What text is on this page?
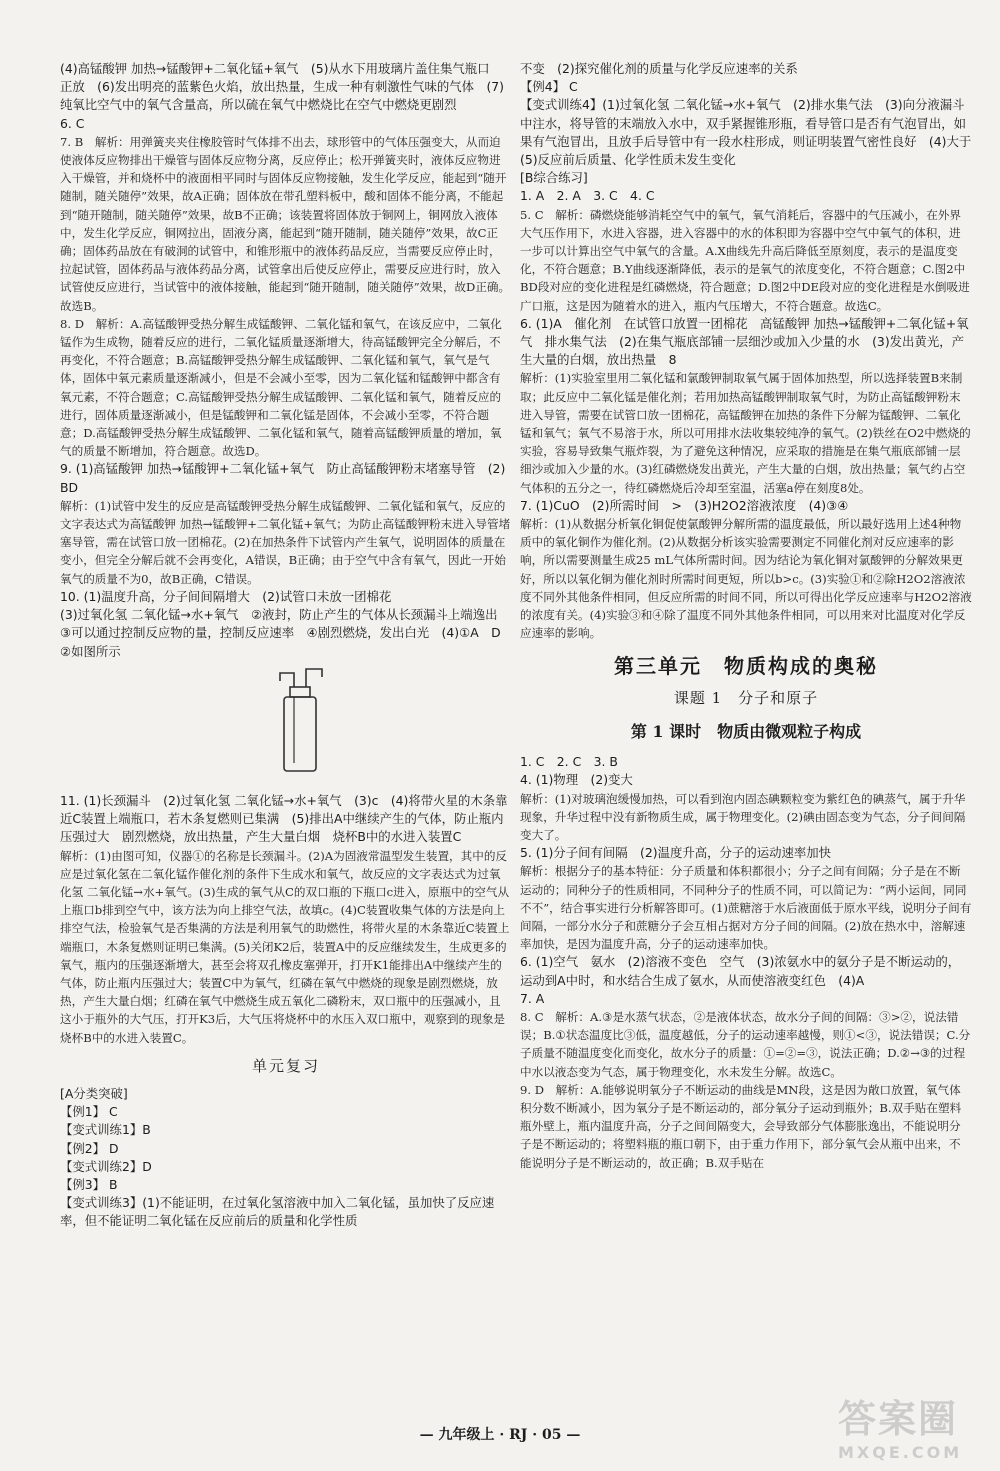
(4)高锰酸钾 加热→锰酸钾+二氧化锰+氧气　(5)从水下用玻璃片盖住集气瓶口　正放　(6)发出明亮的蓝紫色火焰，放出热量，生成一种有刺激性气味的气体　(7)纯氧比空气中的氧气含量高，所以硫在氧气中燃烧比在空气中燃烧更剧烈

6. C

7. B　解析：用弹簧夹夹住橡胶管时气体排不出去，球形管中的气体压强变大，从而迫使液体反应物排出干燥管与固体反应物分离，反应停止；松开弹簧夹时，液体反应物进入干燥管，并和烧杯中的液面相平同时与固体反应物接触，发生化学反应，能起到“随开随制，随关随停”效果，故A正确；固体放在带孔塑料板中，酸和固体不能分离，不能起到“随开随制，随关随停”效果，故B不正确；该装置将固体放于铜网上，铜网放入液体中，发生化学反应，铜网拉出，固液分离，能起到“随开随制，随关随停”效果，故C正确；固体药品放在有破洞的试管中，和锥形瓶中的液体药品反应，当需要反应停止时，拉起试管，固体药品与液体药品分离，试管拿出后使反应停止，需要反应进行时，放入试管使反应进行，当试管中的液体接触，能起到“随开随制，随关随停”效果，故D正确。故选B。

8. D　解析：A.高锰酸钾受热分解生成锰酸钾、二氧化锰和氧气，在该反应中，二氧化锰作为生成物，随着反应的进行，二氧化锰质量逐渐增大，待高锰酸钾完全分解后，不再变化，不符合题意；B.高锰酸钾受热分解生成锰酸钾、二氧化锰和氧气，氧气是气体，固体中氧元素质量逐渐减小，但是不会减小至零，因为二氧化锰和锰酸钾中都含有氧元素，不符合题意；C.高锰酸钾受热分解生成锰酸钾、二氧化锰和氧气，随着反应的进行，固体质量逐渐减小，但是锰酸钾和二氧化锰是固体，不会减小至零，不符合题意；D.高锰酸钾受热分解生成锰酸钾、二氧化锰和氧气，随着高锰酸钾质量的增加，氧气的质量不断增加，符合题意。故选D。

9. (1)高锰酸钾 加热→锰酸钾+二氧化锰+氧气　防止高锰酸钾粉末堵塞导管　(2)BD

解析：(1)试管中发生的反应是高锰酸钾受热分解生成锰酸钾、二氧化锰和氧气，反应的文字表达式为高锰酸钾 加热→锰酸钾+二氧化锰+氧气；为防止高锰酸钾粉末进入导管堵塞导管，需在试管口放一团棉花。(2)在加热条件下试管内产生氧气，说明固体的质量在变小，但完全分解后就不会再变化，A错误，B正确；由于空气中含有氧气，因此一开始氧气的质量不为0，故B正确，C错误。

10. (1)温度升高，分子间间隔增大　(2)试管口未放一团棉花

(3)过氧化氢 二氧化锰→水+氧气　②液封，防止产生的气体从长颈漏斗上端逸出　③可以通过控制反应物的量，控制反应速率　④剧烈燃烧，发出白光　(4)①A　D　②如图所示

11. (1)长颈漏斗　(2)过氧化氢 二氧化锰→水+氧气　(3)c　(4)将带火星的木条靠近C装置上端瓶口，若木条复燃则已集满　(5)排出A中继续产生的气体，防止瓶内压强过大　剧烈燃烧，放出热量，产生大量白烟　烧杯B中的水进入装置C

解析：(1)由图可知，仪器①的名称是长颈漏斗。(2)A为固液常温型发生装置，其中的反应是过氧化氢在二氧化锰作催化剂的条件下生成水和氧气，故反应的文字表达式为过氧化氢 二氧化锰→水+氧气。(3)生成的氧气从C的双口瓶的下瓶口c进入，原瓶中的空气从上瓶口b排到空气中，该方法为向上排空气法，故填c。(4)C装置收集气体的方法是向上排空气法，检验氧气是否集满的方法是利用氧气的助燃性，将带火星的木条靠近C装置上端瓶口，木条复燃则证明已集满。(5)关闭K2后，装置A中的反应继续发生，生成更多的氧气，瓶内的压强逐渐增大，甚至会将双孔橡皮塞弹开，打开K1能排出A中继续产生的气体，防止瓶内压强过大；装置C中为氧气，红磷在氧气中燃烧的现象是剧烈燃烧，放热，产生大量白烟；红磷在氧气中燃烧生成五氧化二磷粉末，双口瓶中的压强减小，且这小于瓶外的大气压，打开K3后，大气压将烧杯中的水压入双口瓶中，观察到的现象是烧杯B中的水进入装置C。

单元复习

[A分类突破]

【例1】 C

【变式训练1】B

【例2】 D

【变式训练2】D

【例3】 B

【变式训练3】(1)不能证明，在过氧化氢溶液中加入二氧化锰，虽加快了反应速率，但不能证明二氧化锰在反应前后的质量和化学性质

不变　(2)探究催化剂的质量与化学反应速率的关系

【例4】 C

【变式训练4】(1)过氧化氢 二氧化锰→水+氧气　(2)排水集气法　(3)向分液漏斗中注水，将导管的末端放入水中，双手紧握锥形瓶，看导管口是否有气泡冒出，如果有气泡冒出，且放手后导管中有一段水柱形成，则证明装置气密性良好　(4)大于　(5)反应前后质量、化学性质未发生变化

[B综合练习]

1. A　2. A　3. C　4. C

5. C　解析：磷燃烧能够消耗空气中的氧气，氧气消耗后，容器中的气压减小，在外界大气压作用下，水进入容器，进入容器中的水的体积即为容器中空气中氧气的体积，进一步可以计算出空气中氧气的含量。A.X曲线先升高后降低至原刻度，表示的是温度变化，不符合题意；B.Y曲线逐渐降低，表示的是氧气的浓度变化，不符合题意；C.图2中BD段对应的变化进程是红磷燃烧，符合题意；D.图2中DE段对应的变化进程是水倒吸进广口瓶，这是因为随着水的进入，瓶内气压增大，不符合题意。故选C。

6. (1)A　催化剂　在试管口放置一团棉花　高锰酸钾 加热→锰酸钾+二氧化锰+氧气　排水集气法　(2)在集气瓶底部铺一层细沙或加入少量的水　(3)发出黄光，产生大量的白烟，放出热量　8

解析：(1)实验室里用二氧化锰和氯酸钾制取氧气属于固体加热型，所以选择装置B来制取；此反应中二氧化锰是催化剂；若用加热高锰酸钾制取氧气时，为防止高锰酸钾粉末进入导管，需要在试管口放一团棉花，高锰酸钾在加热的条件下分解为锰酸钾、二氧化锰和氧气；氧气不易溶于水，所以可用排水法收集较纯净的氧气。(2)铁丝在O2中燃烧的实验，容易导致集气瓶炸裂，为了避免这种情况，应采取的措施是在集气瓶底部铺一层细沙或加入少量的水。(3)红磷燃烧发出黄光，产生大量的白烟，放出热量；氧气约占空气体积的五分之一，待红磷燃烧后冷却至室温，活塞a停在刻度8处。

7. (1)CuO　(2)所需时间　>　(3)H2O2溶液浓度　(4)③④

解析：(1)从数据分析氧化铜促使氯酸钾分解所需的温度最低，所以最好选用上述4种物质中的氧化铜作为催化剂。(2)从数据分析该实验需要测定不同催化剂对反应速率的影响，所以需要测量生成25 mL气体所需时间。因为结论为氧化铜对氯酸钾的分解效果更好，所以以氧化铜为催化剂时所需时间更短，所以b>c。(3)实验①和②除H2O2溶液浓度不同外其他条件相同，但反应所需的时间不同，所以可得出化学反应速率与H2O2溶液的浓度有关。(4)实验③和④除了温度不同外其他条件相同，可以用来对比温度对化学反应速率的影响。

第三单元　物质构成的奥秘
课题 1　分子和原子
第 1 课时　物质由微观粒子构成

1. C　2. C　3. B

4. (1)物理　(2)变大

解析：(1)对玻璃泡缓慢加热，可以看到泡内固态碘颗粒变为紫红色的碘蒸气，属于升华现象，升华过程中没有新物质生成，属于物理变化。(2)碘由固态变为气态，分子间间隔变大了。

5. (1)分子间有间隔　(2)温度升高，分子的运动速率加快

解析：根据分子的基本特征：分子质量和体积都很小；分子之间有间隔；分子是在不断运动的；同种分子的性质相同，不同种分子的性质不同，可以简记为：“两小运间，同同不不”，结合事实进行分析解答即可。(1)蔗糖溶于水后液面低于原水平线，说明分子间有间隔，一部分水分子和蔗糖分子会互相占据对方分子间的间隔。(2)放在热水中，溶解速率加快，是因为温度升高，分子的运动速率加快。

6. (1)空气　氨水　(2)溶液不变色　空气　(3)浓氨水中的氨分子是不断运动的，运动到A中时，和水结合生成了氨水，从而使溶液变红色　(4)A

7. A

8. C　解析：A.③是水蒸气状态，②是液体状态，故水分子间的间隔：③>②，说法错误；B.①状态温度比③低，温度越低，分子的运动速率越慢，则①<③，说法错误；C.分子质量不随温度变化而变化，故水分子的质量：①=②=③，说法正确；D.②→③的过程中水以液态变为气态，属于物理变化，水未发生分解。故选C。

9. D　解析：A.能够说明氧分子不断运动的曲线是MN段，这是因为敞口放置，氧气体积分数不断减小，因为氧分子是不断运动的，部分氧分子运动到瓶外；B.双手贴在塑料瓶外壁上，瓶内温度升高，分子之间间隔变大，会导致部分气体膨胀逸出，不能说明分子是不断运动的；将塑料瓶的瓶口朝下，由于重力作用下，部分氧气会从瓶中出来，不能说明分子是不断运动的，故正确；B.双手贴在

— 九年级上 · RJ · 05 —	答案圈
MXQE.COM
